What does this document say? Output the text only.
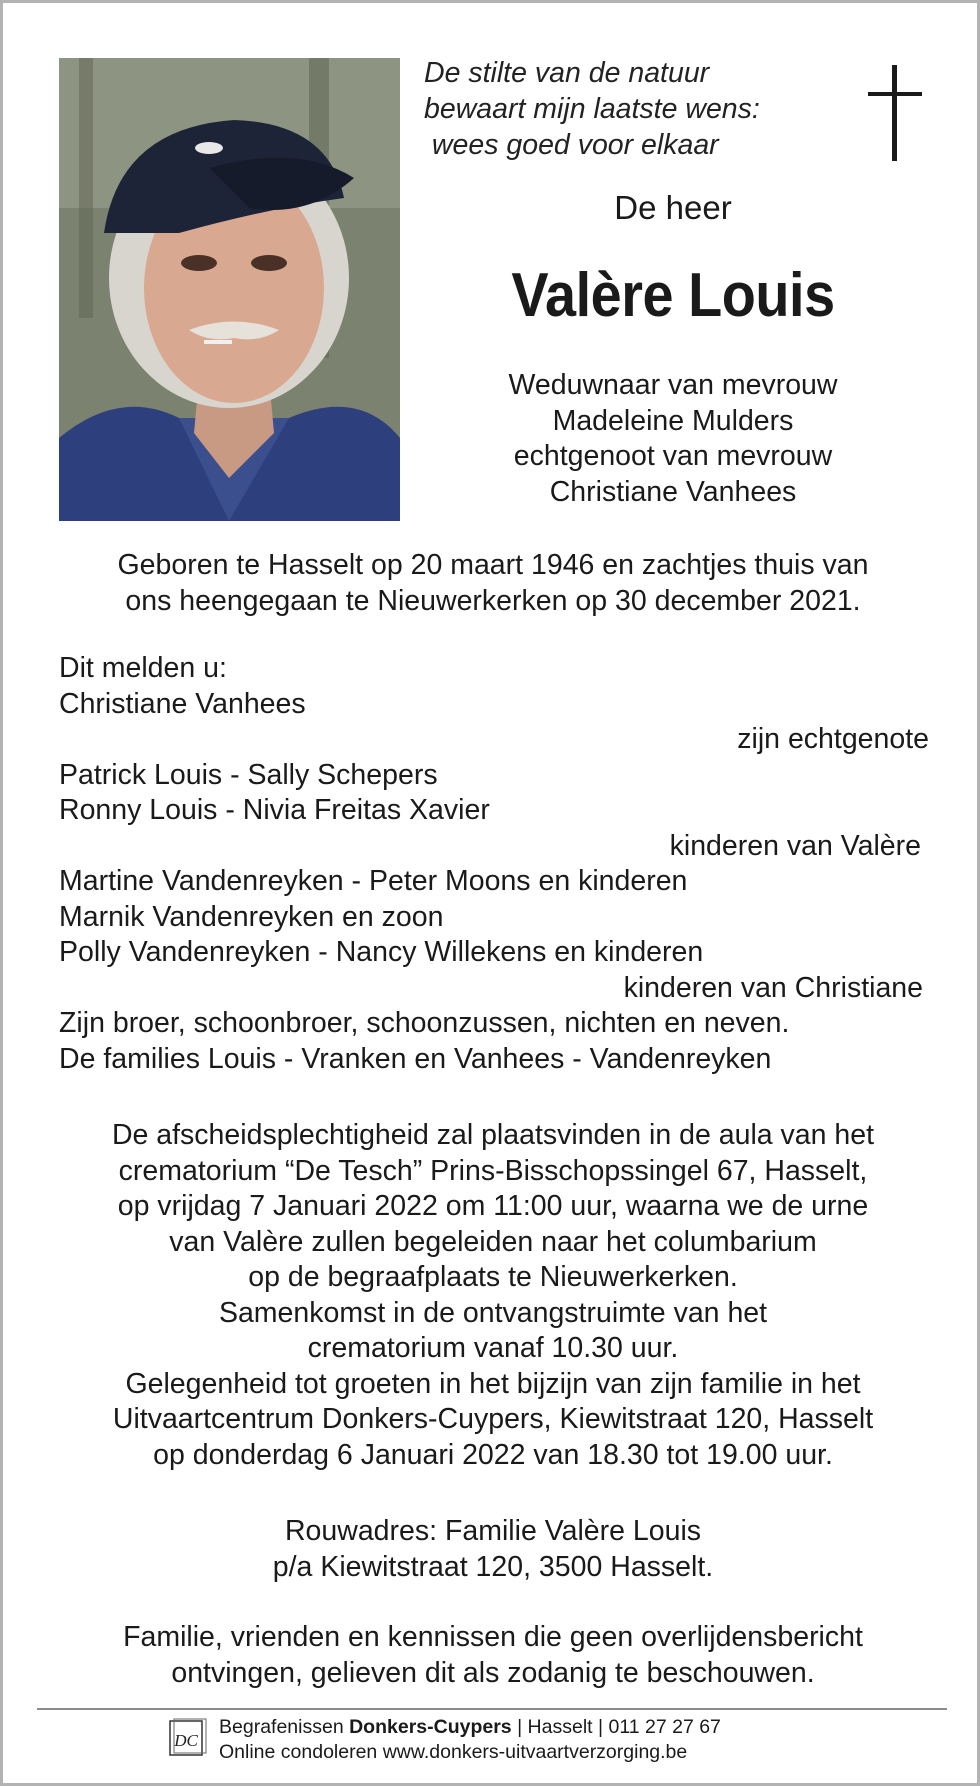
De stilte van de natuur
bewaart mijn laatste wens:
wees goed voor elkaar
De heer
Valère Louis
Weduwnaar van mevrouw
Madeleine Mulders
echtgenoot van mevrouw
Christiane Vanhees
Geboren te Hasselt op 20 maart 1946 en zachtjes thuis van
ons heengegaan te Nieuwerkerken op 30 december 2021.
Dit melden u:
Christiane Vanhees
zijn echtgenote
Patrick Louis - Sally Schepers
Ronny Louis - Nivia Freitas Xavier
kinderen van Valère
Martine Vandenreyken - Peter Moons en kinderen
Marnik Vandenreyken en zoon
Polly Vandenreyken - Nancy Willekens en kinderen
kinderen van Christiane
Zijn broer, schoonbroer, schoonzussen, nichten en neven.
De families Louis - Vranken en Vanhees - Vandenreyken
De afscheidsplechtigheid zal plaatsvinden in de aula van het
crematorium “De Tesch” Prins-Bisschopssingel 67, Hasselt,
op vrijdag 7 Januari 2022 om 11:00 uur, waarna we de urne
van Valère zullen begeleiden naar het columbarium
op de begraafplaats te Nieuwerkerken.
Samenkomst in de ontvangstruimte van het
crematorium vanaf 10.30 uur.
Gelegenheid tot groeten in het bijzijn van zijn familie in het
Uitvaartcentrum Donkers-Cuypers, Kiewitstraat 120, Hasselt
op donderdag 6 Januari 2022 van 18.30 tot 19.00 uur.
Rouwadres: Familie Valère Louis
p/a Kiewitstraat 120, 3500 Hasselt.
Familie, vrienden en kennissen die geen overlijdensbericht
ontvingen, gelieven dit als zodanig te beschouwen.
DC
Begrafenissen Donkers-Cuypers | Hasselt | 011 27 27 67
Online condoleren www.donkers-uitvaartverzorging.be
